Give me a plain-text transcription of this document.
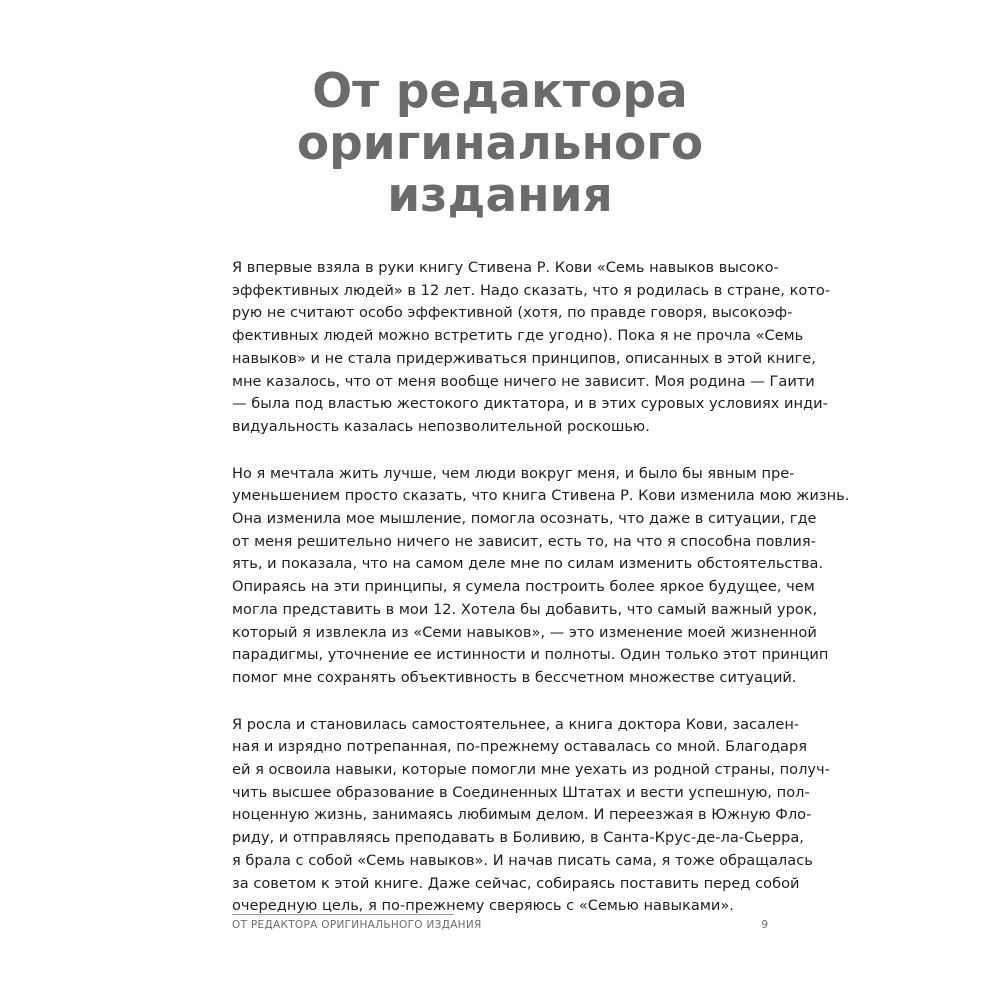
От редактора
оригинального
издания

Я впервые взяла в руки книгу Стивена Р. Кови «Семь навыков высоко-
эффективных людей» в 12 лет. Надо сказать, что я родилась в стране, кото-
рую не считают особо эффективной (хотя, по правде говоря, высокоэф-
фективных людей можно встретить где угодно). Пока я не прочла «Семь
навыков» и не стала придерживаться принципов, описанных в этой книге,
мне казалось, что от меня вообще ничего не зависит. Моя родина — Гаити
— была под властью жестокого диктатора, и в этих суровых условиях инди-
видуальность казалась непозволительной роскошью.

Но я мечтала жить лучше, чем люди вокруг меня, и было бы явным пре-
уменьшением просто сказать, что книга Стивена Р. Кови изменила мою жизнь.
Она изменила мое мышление, помогла осознать, что даже в ситуации, где
от меня решительно ничего не зависит, есть то, на что я способна повлия-
ять, и показала, что на самом деле мне по силам изменить обстоятельства.
Опираясь на эти принципы, я сумела построить более яркое будущее, чем
могла представить в мои 12. Хотела бы добавить, что самый важный урок,
который я извлекла из «Семи навыков», — это изменение моей жизненной
парадигмы, уточнение ее истинности и полноты. Один только этот принцип
помог мне сохранять объективность в бессчетном множестве ситуаций.

Я росла и становилась самостоятельнее, а книга доктора Кови, засален-
ная и изрядно потрепанная, по-прежнему оставалась со мной. Благодаря
ей я освоила навыки, которые помогли мне уехать из родной страны, получ-
чить высшее образование в Соединенных Штатах и вести успешную, пол-
ноценную жизнь, занимаясь любимым делом. И переезжая в Южную Фло-
риду, и отправляясь преподавать в Боливию, в Санта-Крус-де-ла-Сьерра,
я брала с собой «Семь навыков». И начав писать сама, я тоже обращалась
за советом к этой книге. Даже сейчас, собираясь поставить перед собой
очередную цель, я по-прежнему сверяюсь с «Семью навыками».

ОТ РЕДАКТОРА ОРИГИНАЛЬНОГО ИЗДАНИЯ	9
